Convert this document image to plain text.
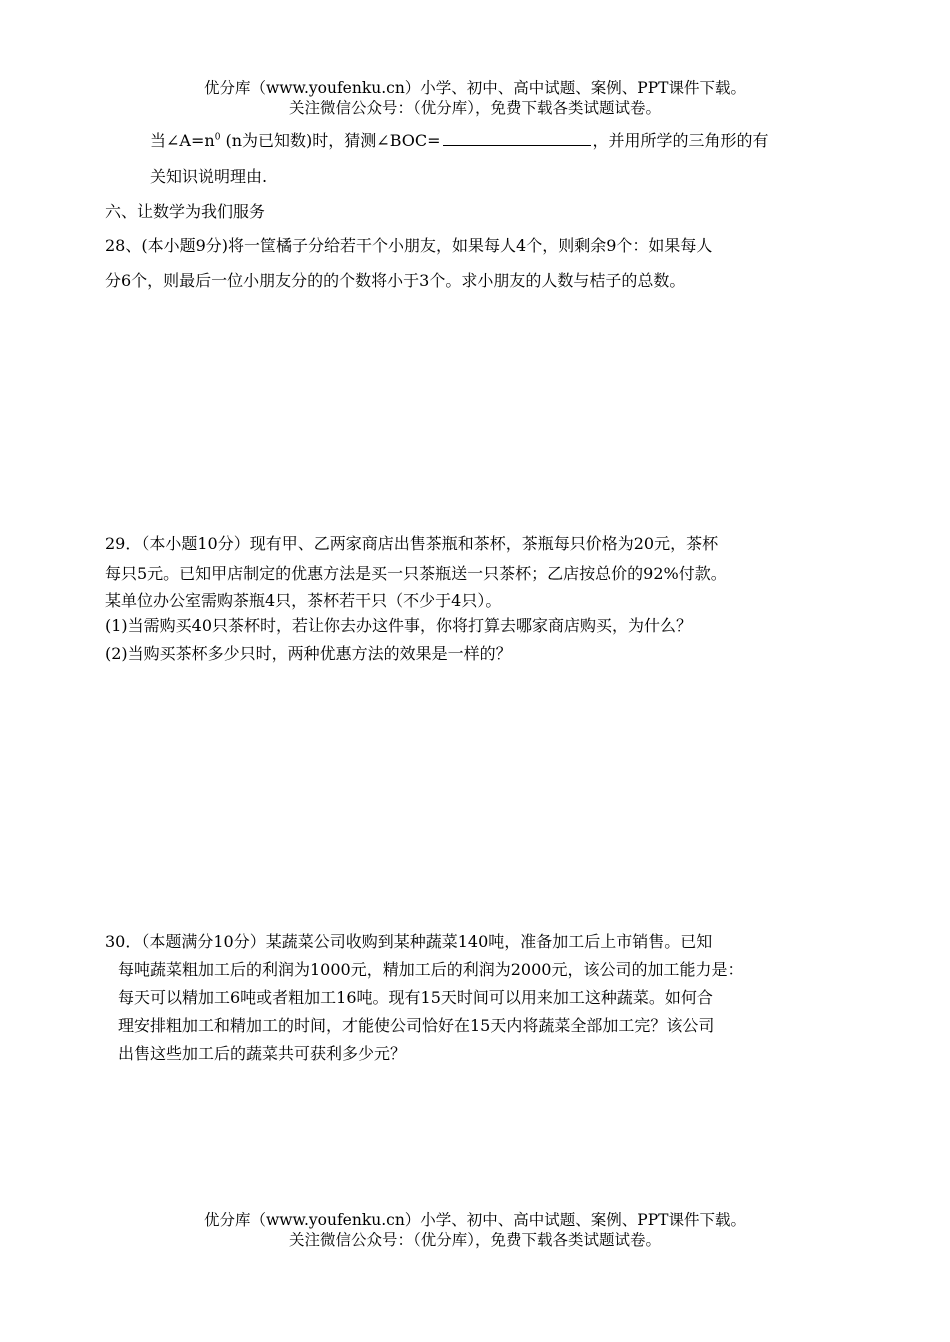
优分库（www.youfenku.cn）小学、初中、高中试题、案例、PPT课件下载。
关注微信公众号：（优分库），免费下载各类试题试卷。
当$\angle A=n^0$ (n为已知数)时，猜测∠BOC=	，并用所学的三角形的有
关知识说明理由.
六、让数学为我们服务
28、(本小题9分)将一筐橘子分给若干个小朋友，如果每人4个，则剩余9个：如果每人
分6个，则最后一位小朋友分的的个数将小于3个。求小朋友的人数与桔子的总数。
29．（本小题10分）现有甲、乙两家商店出售茶瓶和茶杯，茶瓶每只价格为20元，茶杯
每只5元。已知甲店制定的优惠方法是买一只茶瓶送一只茶杯；乙店按总价的92%付款。
某单位办公室需购茶瓶4只，茶杯若干只（不少于4只）。
(1)当需购买40只茶杯时，若让你去办这件事，你将打算去哪家商店购买，为什么？
(2)当购买茶杯多少只时，两种优惠方法的效果是一样的？
30．（本题满分10分）某蔬菜公司收购到某种蔬菜140吨，准备加工后上市销售。已知
每吨蔬菜粗加工后的利润为1000元，精加工后的利润为2000元，该公司的加工能力是：
每天可以精加工6吨或者粗加工16吨。现有15天时间可以用来加工这种蔬菜。如何合
理安排粗加工和精加工的时间，才能使公司恰好在15天内将蔬菜全部加工完？该公司
出售这些加工后的蔬菜共可获利多少元？
优分库（www.youfenku.cn）小学、初中、高中试题、案例、PPT课件下载。
关注微信公众号：（优分库），免费下载各类试题试卷。
